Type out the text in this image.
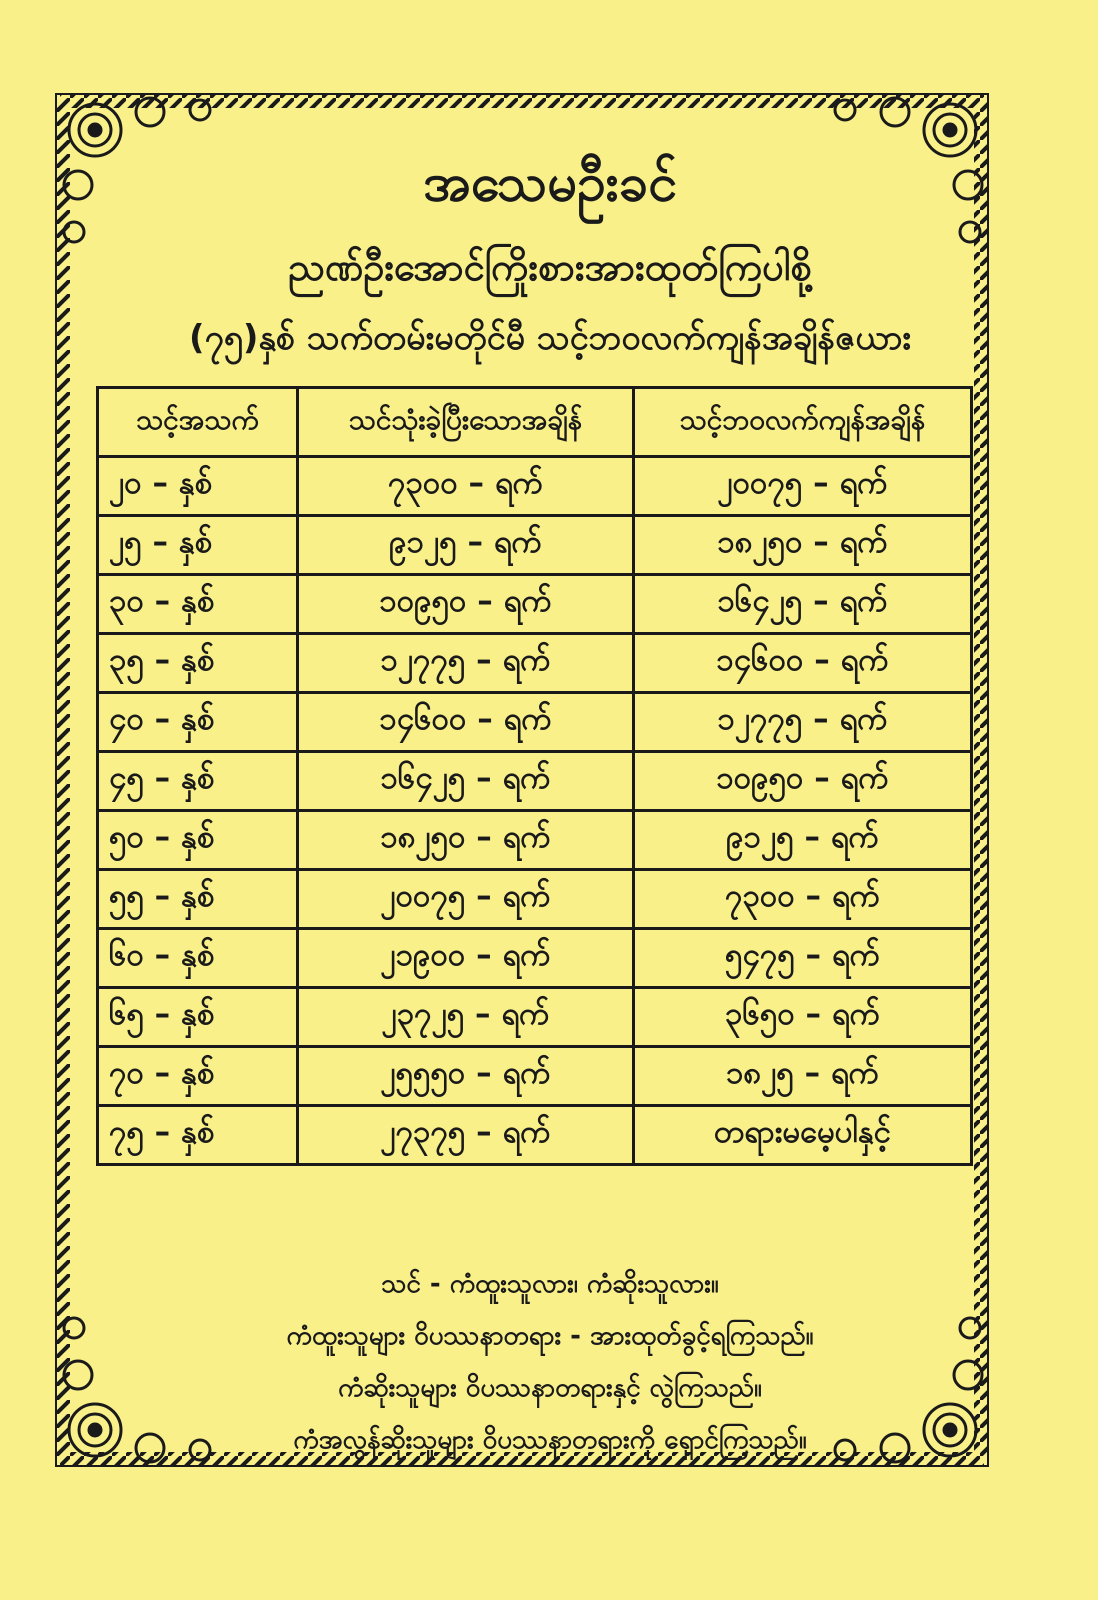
အသေမဦးခင်
ညဏ်ဦးအောင်ကြိုးစားအားထုတ်ကြပါစို့
(၇၅)နှစ် သက်တမ်းမတိုင်မီ သင့်ဘဝလက်ကျန်အချိန်ဇယား
သင့်အသက်	သင်သုံးခဲ့ပြီးသောအချိန်	သင့်ဘဝလက်ကျန်အချိန်
၂၀ – နှစ်	၇၃၀၀ – ရက်	၂၀၀၇၅ – ရက်
၂၅ – နှစ်	၉၁၂၅ – ရက်	၁၈၂၅၀ – ရက်
၃၀ – နှစ်	၁၀၉၅၀ – ရက်	၁၆၄၂၅ – ရက်
၃၅ – နှစ်	၁၂၇၇၅ – ရက်	၁၄၆၀၀ – ရက်
၄၀ – နှစ်	၁၄၆၀၀ – ရက်	၁၂၇၇၅ – ရက်
၄၅ – နှစ်	၁၆၄၂၅ – ရက်	၁၀၉၅၀ – ရက်
၅၀ – နှစ်	၁၈၂၅၀ – ရက်	၉၁၂၅ – ရက်
၅၅ – နှစ်	၂၀၀၇၅ – ရက်	၇၃၀၀ – ရက်
၆၀ – နှစ်	၂၁၉၀၀ – ရက်	၅၄၇၅ – ရက်
၆၅ – နှစ်	၂၃၇၂၅ – ရက်	၃၆၅၀ – ရက်
၇၀ – နှစ်	၂၅၅၅၀ – ရက်	၁၈၂၅ – ရက်
၇၅ – နှစ်	၂၇၃၇၅ – ရက်	တရားမမေ့ပါနှင့်
သင် - ကံထူးသူလား၊ ကံဆိုးသူလား။
ကံထူးသူများ ဝိပဿနာတရား - အားထုတ်ခွင့်ရကြသည်။
ကံဆိုးသူများ ဝိပဿနာတရားနှင့် လွဲကြသည်။
ကံအလွန်ဆိုးသူများ ဝိပဿနာတရားကို ရှောင်ကြသည်။
